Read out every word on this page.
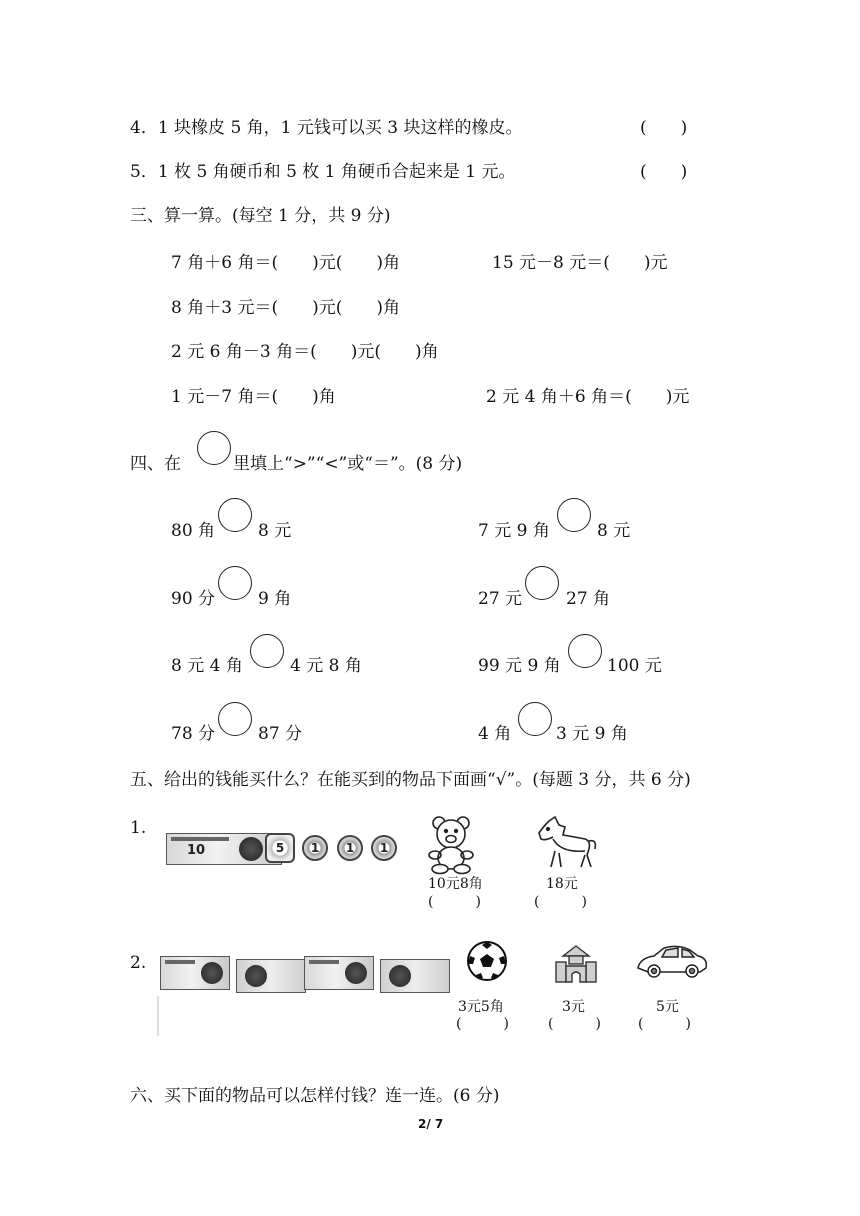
4．1 块橡皮 5 角，1 元钱可以买 3 块这样的橡皮。	(　　)
5．1 枚 5 角硬币和 5 枚 1 角硬币合起来是 1 元。	(　　)
三、算一算。(每空 1 分，共 9 分)
7 角＋6 角＝(　　)元(　　)角	15 元－8 元＝(　　)元
8 角＋3 元＝(　　)元(　　)角
2 元 6 角－3 角＝(　　)元(　　)角
1 元－7 角＝(　　)角	2 元 4 角＋6 角＝(　　)元
四、在	里填上“>”“<”或“＝”。(8 分)
80 角	8 元	7 元 9 角	8 元
90 分	9 角	27 元	27 角
8 元 4 角	4 元 8 角	99 元 9 角	100 元
78 分	87 分	4 角	3 元 9 角
五、给出的钱能买什么？在能买到的物品下面画“√”。(每题 3 分，共 6 分)
1.
10	5	1	1	1
10元8角
(　　　)
18元
(　　　)
2.
3元5角
(　　　)
3元
(　　　)
5元
(　　　)
六、买下面的物品可以怎样付钱？连一连。(6 分)
2/ 7
